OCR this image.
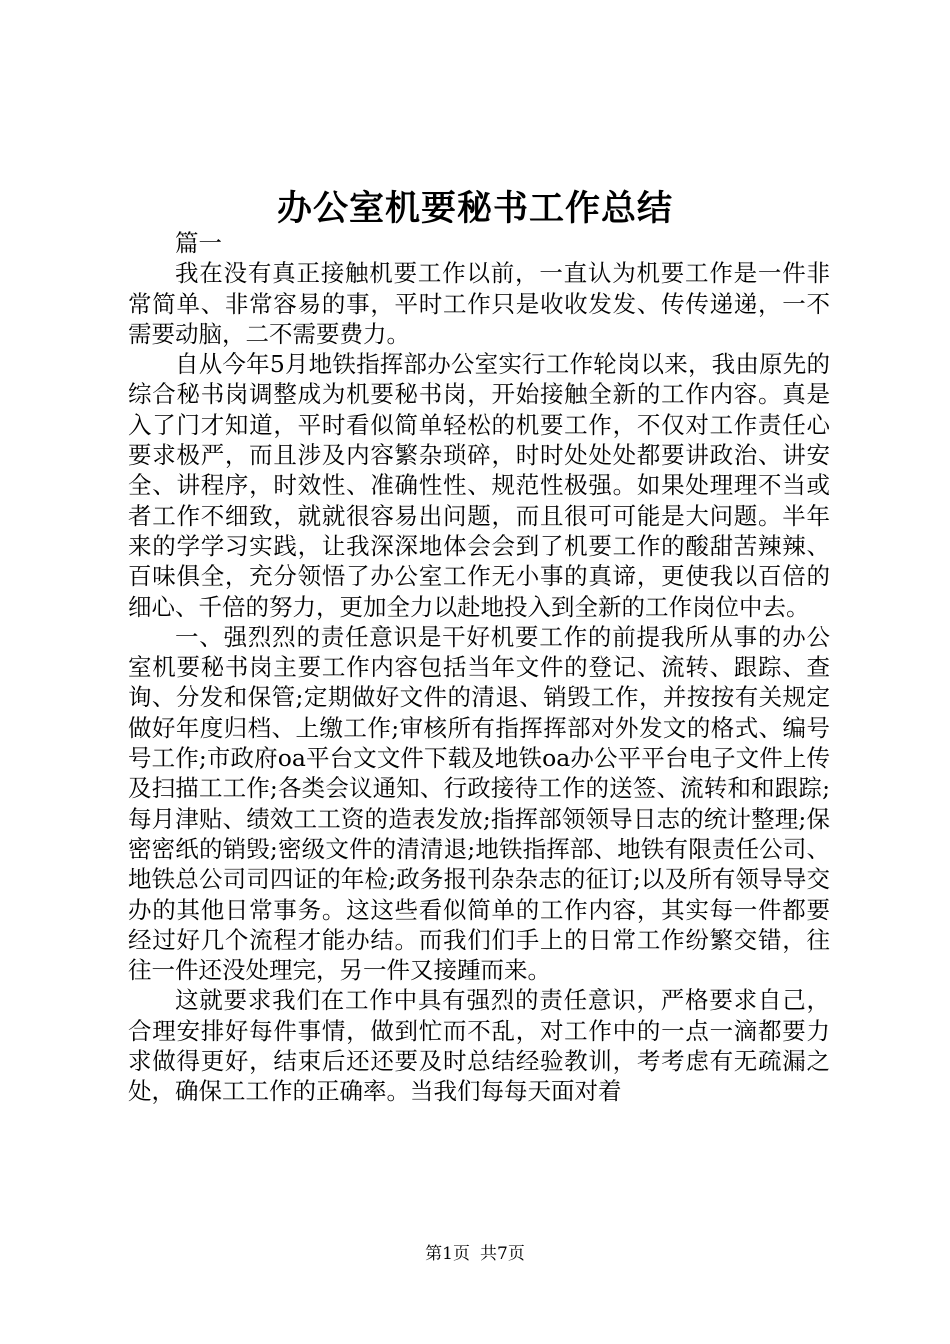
办公室机要秘书工作总结

篇一

我在没有真正接触机要工作以前，一直认为机要工作是一件非常简单、非常容易的事，平时工作只是收收发发、传传递递，一不需要动脑，二不需要费力。

自从今年5月地铁指挥部办公室实行工作轮岗以来，我由原先的综合秘书岗调整成为机要秘书岗，开始接触全新的工作内容。真是入了门才知道，平时看似简单轻松的机要工作，不仅对工作责任心要求极严，而且涉及内容繁杂琐碎，时时处处处都要讲政治、讲安全、讲程序，时效性、准确性性、规范性极强。如果处理理不当或者工作不细致，就就很容易出问题，而且很可可能是大问题。半年来的学学习实践，让我深深地体会会到了机要工作的酸甜苦辣辣、百味俱全，充分领悟了办公室工作无小事的真谛，更使我以百倍的细心、千倍的努力，更加全力以赴地投入到全新的工作岗位中去。

一、强烈烈的责任意识是干好机要工作的前提我所从事的办公室机要秘书岗主要工作内容包括当年文件的登记、流转、跟踪、查询、分发和保管;定期做好文件的清退、销毁工作，并按按有关规定做好年度归档、上缴工作;审核所有指挥挥部对外发文的格式、编号号工作;市政府oa平台文文件下载及地铁oa办公平平台电子文件上传及扫描工工作;各类会议通知、行政接待工作的送签、流转和和跟踪;每月津贴、绩效工工资的造表发放;指挥部领领导日志的统计整理;保密密纸的销毁;密级文件的清清退;地铁指挥部、地铁有限责任公司、地铁总公司司四证的年检;政务报刊杂杂志的征订;以及所有领导导交办的其他日常事务。这这些看似简单的工作内容，其实每一件都要经过好几个流程才能办结。而我们们手上的日常工作纷繁交错，往往一件还没处理完，另一件又接踵而来。

这就要求我们在工作中具有强烈的责任意识，严格要求自己，合理安排好每件事情，做到忙而不乱，对工作中的一点一滴都要力求做得更好，结束后还还要及时总结经验教训，考考虑有无疏漏之处，确保工工作的正确率。当我们每每天面对着

第1页 共7页
